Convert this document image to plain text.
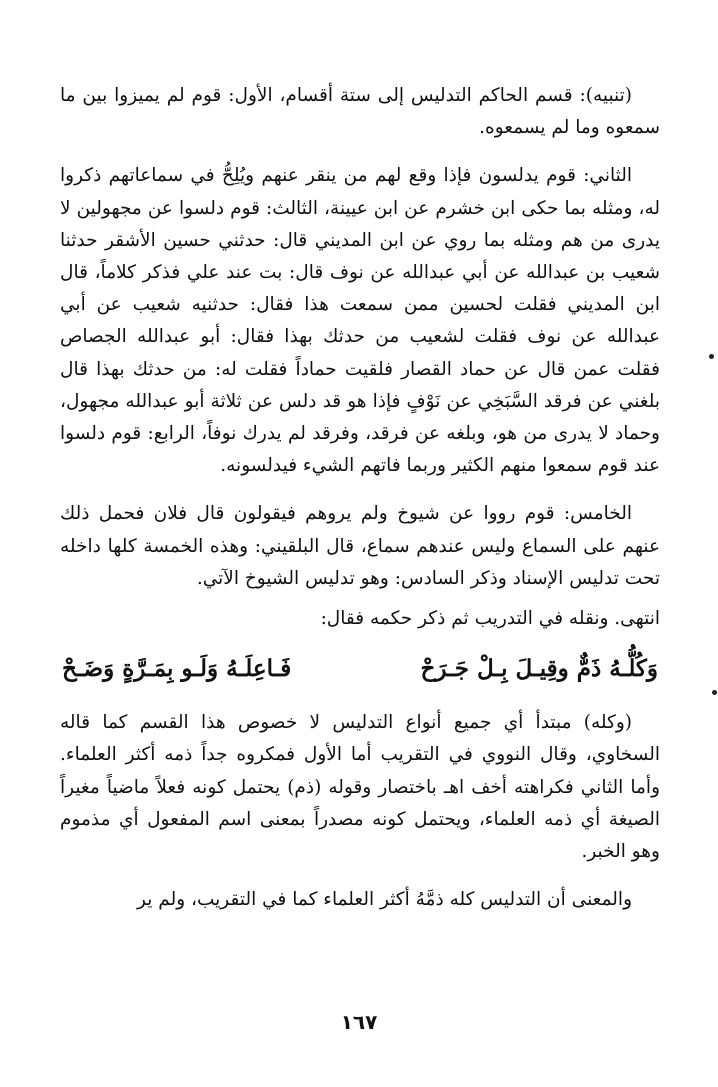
(تنبيه): قسم الحاكم التدليس إلى ستة أقسام، الأول: قوم لم يميزوا بين ما سمعوه وما لم يسمعوه.

الثاني: قوم يدلسون فإذا وقع لهم من ينقر عنهم ويُلِحُّ في سماعاتهم ذكروا له، ومثله بما حكى ابن خشرم عن ابن عيينة، الثالث: قوم دلسوا عن مجهولين لا يدرى من هم ومثله بما روي عن ابن المديني قال: حدثني حسين الأشقر حدثنا شعيب بن عبدالله عن أبي عبدالله عن نوف قال: بت عند علي فذكر كلاماً، قال ابن المديني فقلت لحسين ممن سمعت هذا فقال: حدثنيه شعيب عن أبي عبدالله عن نوف فقلت لشعيب من حدثك بهذا فقال: أبو عبدالله الجصاص فقلت عمن قال عن حماد القصار فلقيت حماداً فقلت له: من حدثك بهذا قال بلغني عن فرقد السَّبَخِي عن نَوْفٍ فإذا هو قد دلس عن ثلاثة أبو عبدالله مجهول، وحماد لا يدرى من هو، وبلغه عن فرقد، وفرقد لم يدرك نوفاً، الرابع: قوم دلسوا عند قوم سمعوا منهم الكثير وربما فاتهم الشيء فيدلسونه.

الخامس: قوم رووا عن شيوخ ولم يروهم فيقولون قال فلان فحمل ذلك عنهم على السماع وليس عندهم سماع، قال البلقيني: وهذه الخمسة كلها داخله تحت تدليس الإسناد وذكر السادس: وهو تدليس الشيوخ الآتي.

انتهى. ونقله في التدريب ثم ذكر حكمه فقال:

وَكُلُّـهُ ذَمٌّ وقِيـلَ بِـلْ جَـرَحْ
فَـاعِلَـهُ وَلَـو بِمَـرَّةٍ وَضَـحْ

(وكله) مبتدأ أي جميع أنواع التدليس لا خصوص هذا القسم كما قاله السخاوي، وقال النووي في التقريب أما الأول فمكروه جداً ذمه أكثر العلماء. وأما الثاني فكراهته أخف اهـ باختصار وقوله (ذم) يحتمل كونه فعلاً ماضياً مغيراً الصيغة أي ذمه العلماء، ويحتمل كونه مصدراً بمعنى اسم المفعول أي مذموم وهو الخبر.

والمعنى أن التدليس كله ذمَّهُ أكثر العلماء كما في التقريب، ولم ير

١٦٧
